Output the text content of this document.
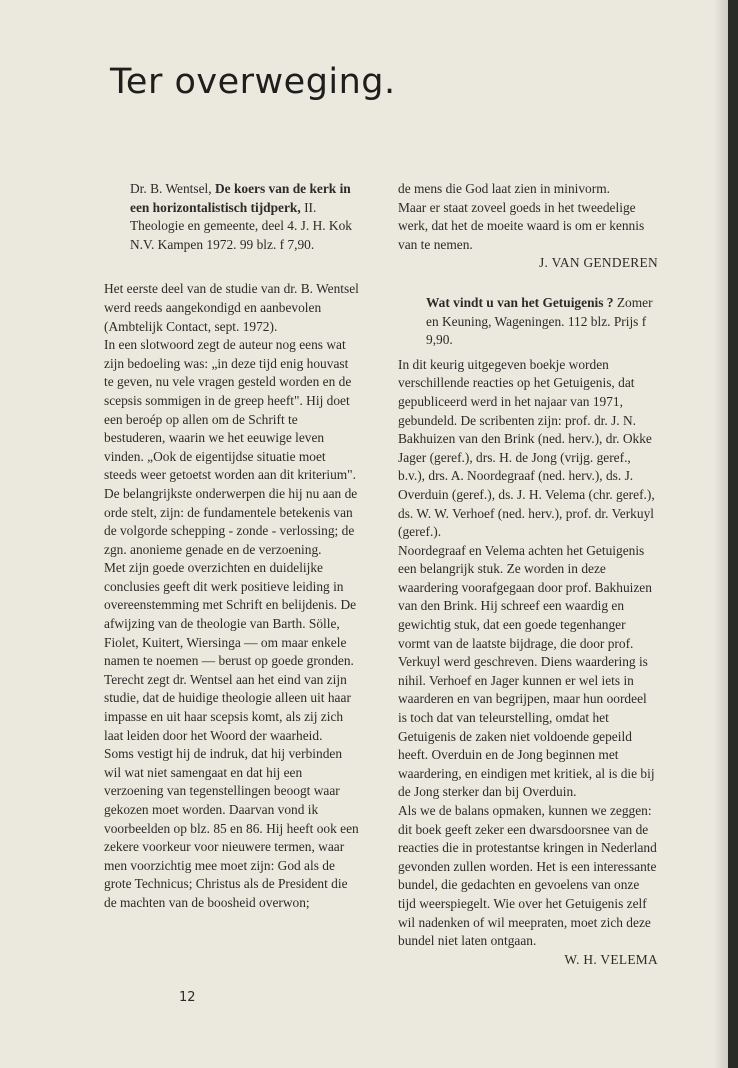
Ter overweging.

Dr. B. Wentsel, De koers van de kerk in een horizontalistisch tijdperk, II. Theologie en gemeente, deel 4. J. H. Kok N.V. Kampen 1972. 99 blz. f 7,90.

Het eerste deel van de studie van dr. B. Wentsel werd reeds aangekondigd en aanbevolen (Ambtelijk Contact, sept. 1972).

In een slotwoord zegt de auteur nog eens wat zijn bedoeling was: „in deze tijd enig houvast te geven, nu vele vragen gesteld worden en de scepsis sommigen in de greep heeft". Hij doet een beroép op allen om de Schrift te bestuderen, waarin we het eeuwige leven vinden. „Ook de eigentijdse situatie moet steeds weer getoetst worden aan dit kriterium".

De belangrijkste onderwerpen die hij nu aan de orde stelt, zijn: de fundamentele betekenis van de volgorde schepping - zonde - verlossing; de zgn. anonieme genade en de verzoening.

Met zijn goede overzichten en duidelijke conclusies geeft dit werk positieve leiding in overeenstemming met Schrift en belijdenis. De afwijzing van de theologie van Barth. Sölle, Fiolet, Kuitert, Wiersinga — om maar enkele namen te noemen — berust op goede gronden.

Terecht zegt dr. Wentsel aan het eind van zijn studie, dat de huidige theologie alleen uit haar impasse en uit haar scepsis komt, als zij zich laat leiden door het Woord der waarheid.

Soms vestigt hij de indruk, dat hij verbinden wil wat niet samengaat en dat hij een verzoening van tegenstellingen beoogt waar gekozen moet worden. Daarvan vond ik voorbeelden op blz. 85 en 86. Hij heeft ook een zekere voorkeur voor nieuwere termen, waar men voorzichtig mee moet zijn: God als de grote Technicus; Christus als de President die de machten van de boosheid overwon;

de mens die God laat zien in minivorm.

Maar er staat zoveel goeds in het tweedelige werk, dat het de moeite waard is om er kennis van te nemen.

J. VAN GENDEREN

Wat vindt u van het Getuigenis ? Zomer en Keuning, Wageningen. 112 blz. Prijs f 9,90.

In dit keurig uitgegeven boekje worden verschillende reacties op het Getuigenis, dat gepubliceerd werd in het najaar van 1971, gebundeld. De scribenten zijn: prof. dr. J. N. Bakhuizen van den Brink (ned. herv.), dr. Okke Jager (geref.), drs. H. de Jong (vrijg. geref., b.v.), drs. A. Noordegraaf (ned. herv.), ds. J. Overduin (geref.), ds. J. H. Velema (chr. geref.), ds. W. W. Verhoef (ned. herv.), prof. dr. Verkuyl (geref.).

Noordegraaf en Velema achten het Getuigenis een belangrijk stuk. Ze worden in deze waardering voorafgegaan door prof. Bakhuizen van den Brink. Hij schreef een waardig en gewichtig stuk, dat een goede tegenhanger vormt van de laatste bijdrage, die door prof. Verkuyl werd geschreven. Diens waardering is nihil. Verhoef en Jager kunnen er wel iets in waarderen en van begrijpen, maar hun oordeel is toch dat van teleurstelling, omdat het Getuigenis de zaken niet voldoende gepeild heeft. Overduin en de Jong beginnen met waardering, en eindigen met kritiek, al is die bij de Jong sterker dan bij Overduin.

Als we de balans opmaken, kunnen we zeggen: dit boek geeft zeker een dwarsdoorsnee van de reacties die in protestantse kringen in Nederland gevonden zullen worden. Het is een interessante bundel, die gedachten en gevoelens van onze tijd weerspiegelt. Wie over het Getuigenis zelf wil nadenken of wil meepraten, moet zich deze bundel niet laten ontgaan.

W. H. VELEMA

12
